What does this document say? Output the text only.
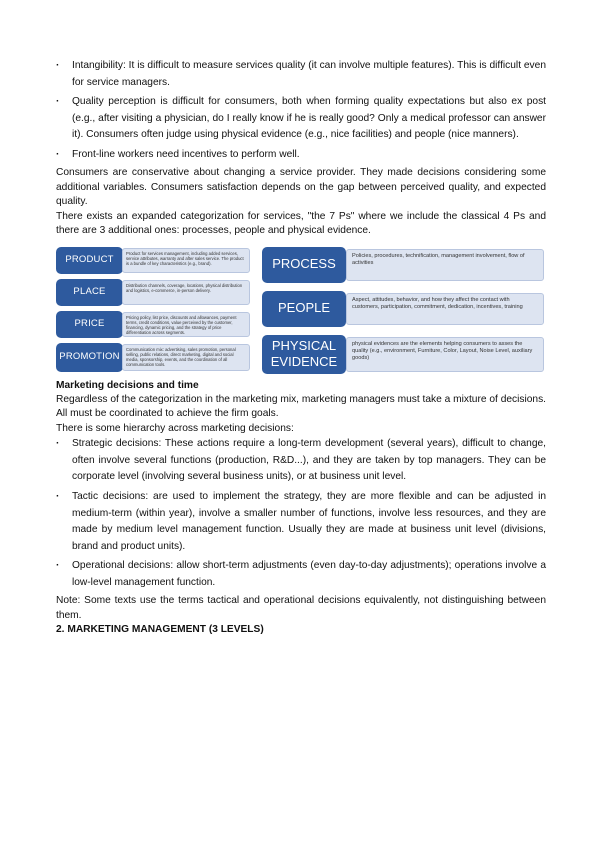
· Intangibility: It is difficult to measure services quality (it can involve multiple features). This is difficult even for service managers.
· Quality perception is difficult for consumers, both when forming quality expectations but also ex post (e.g., after visiting a physician, do I really know if he is really good? Only a medical professor can answer it). Consumers often judge using physical evidence (e.g., nice facilities) and people (nice manners).
· Front-line workers need incentives to perform well.

Consumers are conservative about changing a service provider. They made decisions considering some additional variables. Consumers satisfaction depends on the gap between perceived quality, and expected quality.

There exists an expanded categorization for services, "the 7 Ps" where we include the classical 4 Ps and there are 3 additional ones: processes, people and physical evidence.

PRODUCT
Product for services management, including added services, service attributes, warranty and after sales service. The product is a bundle of key characteristics (e.g., brand).
PLACE
Distribution channels, coverage, locations, physical distribution and logistics, e-commerce, in-person delivery.
PRICE
Pricing policy, list price, discounts and allowances, payment terms, credit conditions, value perceived by the customer, financing, dynamic pricing, and the strategy of price differentiation across segments.
PROMOTION
Communication mix: advertising, sales promotion, personal selling, public relations, direct marketing, digital and social media, sponsorship, events, and the coordination of all communication tools.
PROCESS
Policies, procedures, technification, management involvement, flow of activities
PEOPLE
Aspect, attitudes, behavior, and how they affect the contact with customers, participation, commitment, dedication, incentives, training
PHYSICAL EVIDENCE
physical evidences are the elements helping consumers to asses the quality (e.g., environment, Furniture, Color, Layout, Noise Level, auxiliary goods)

Marketing decisions and time

Regardless of the categorization in the marketing mix, marketing managers must take a mixture of decisions. All must be coordinated to achieve the firm goals.

There is some hierarchy across marketing decisions:

· Strategic decisions: These actions require a long-term development (several years), difficult to change, often involve several functions (production, R&D...), and they are taken by top managers. They can be corporate level (involving several business units), or at business unit level.
· Tactic decisions: are used to implement the strategy, they are more flexible and can be adjusted in medium-term (within year), involve a smaller number of functions, involve less resources, and they are made by medium level management function. Usually they are made at business unit level (divisions, brand and product units).
· Operational decisions: allow short-term adjustments (even day-to-day adjustments); operations involve a low-level management function.

Note: Some texts use the terms tactical and operational decisions equivalently, not distinguishing between them.

2. MARKETING MANAGEMENT (3 LEVELS)
